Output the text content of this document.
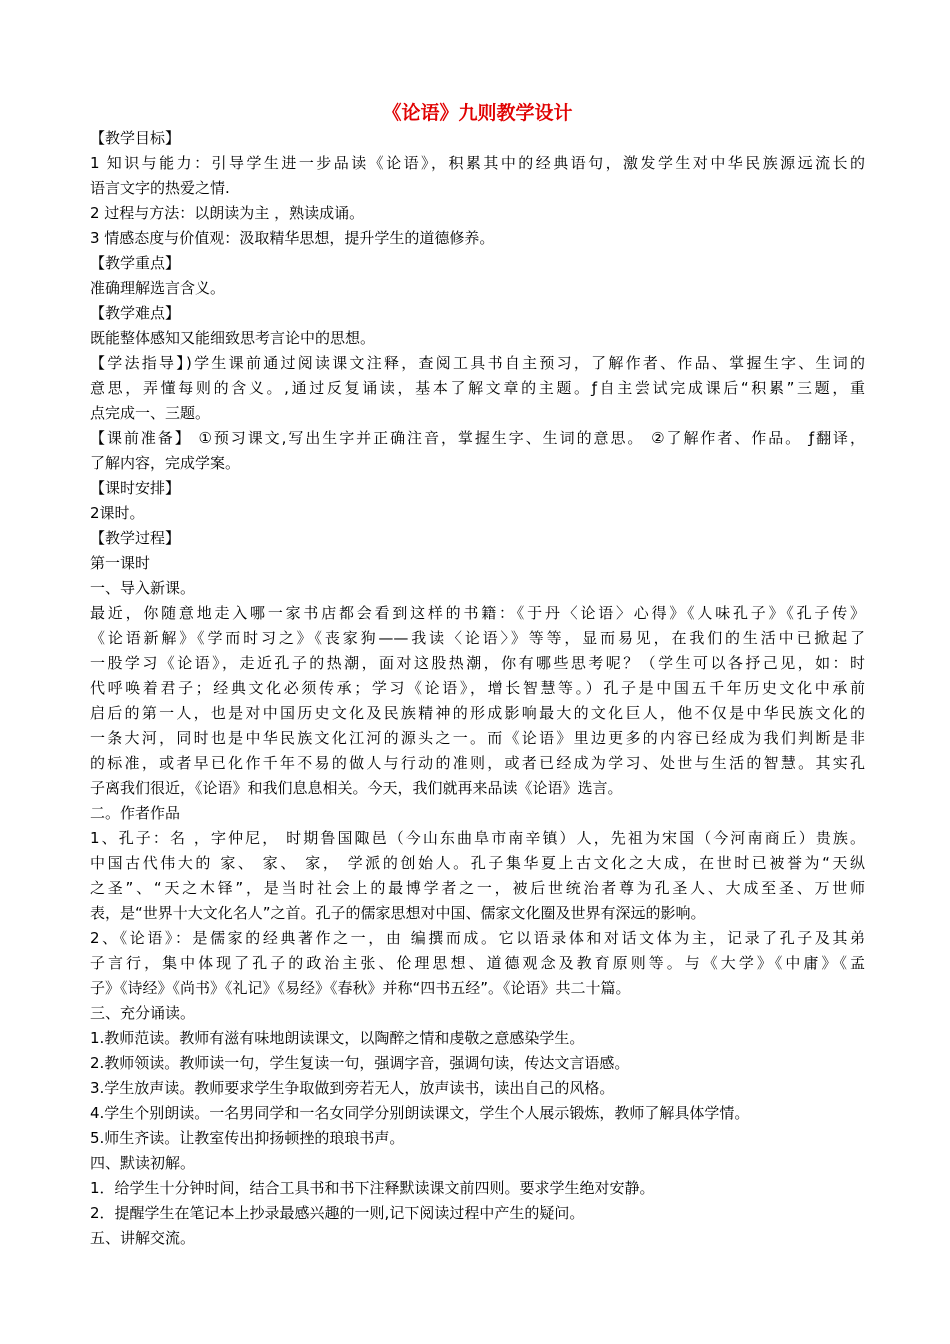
《论语》九则教学设计
【教学目标】
1 知识与能力：引导学生进一步品读《论语》，积累其中的经典语句，激发学生对中华民族源远流长的
语言文字的热爱之情.
2 过程与方法：以朗读为主 ，熟读成诵。
3 情感态度与价值观：汲取精华思想，提升学生的道德修养。
【教学重点】
准确理解选言含义。
【教学难点】
既能整体感知又能细致思考言论中的思想。
【学法指导】)学生课前通过阅读课文注释，查阅工具书自主预习，了解作者、作品、掌握生字、生词的
意思，弄懂每则的含义。,通过反复诵读，基本了解文章的主题。ƒ自主尝试完成课后“积累”三题，重
点完成一、三题。
【课前准备】 ①预习课文,写出生字并正确注音，掌握生字、生词的意思。 ②了解作者、作品。 ƒ翻译，
了解内容，完成学案。
【课时安排】
2课时。
【教学过程】
第一课时
一、导入新课。
最近，你随意地走入哪一家书店都会看到这样的书籍：《于丹〈论语〉心得》《人味孔子》《孔子传》
《论语新解》《学而时习之》《丧家狗——我读〈论语〉》等等，显而易见，在我们的生活中已掀起了
一股学习《论语》，走近孔子的热潮，面对这股热潮，你有哪些思考呢？（学生可以各抒己见，如：时
代呼唤着君子；经典文化必须传承；学习《论语》，增长智慧等。）孔子是中国五千年历史文化中承前
启后的第一人，也是对中国历史文化及民族精神的形成影响最大的文化巨人，他不仅是中华民族文化的
一条大河，同时也是中华民族文化江河的源头之一。而《论语》里边更多的内容已经成为我们判断是非
的标准，或者早已化作千年不易的做人与行动的准则，或者已经成为学习、处世与生活的智慧。其实孔
子离我们很近，《论语》和我们息息相关。今天，我们就再来品读《论语》选言。
二。作者作品
1、孔子：名 ，字仲尼， 时期鲁国陬邑（今山东曲阜市南辛镇）人，先祖为宋国（今河南商丘）贵族。
中国古代伟大的 家、 家、 家， 学派的创始人。孔子集华夏上古文化之大成，在世时已被誉为“天纵
之圣”、“天之木铎”，是当时社会上的最博学者之一，被后世统治者尊为孔圣人、大成至圣、万世师
表，是“世界十大文化名人”之首。孔子的儒家思想对中国、儒家文化圈及世界有深远的影响。
2、《论语》：是儒家的经典著作之一，由 编撰而成。它以语录体和对话文体为主，记录了孔子及其弟
子言行，集中体现了孔子的政治主张、伦理思想、道德观念及教育原则等。与《大学》《中庸》《孟
子》《诗经》《尚书》《礼记》《易经》《春秋》并称“四书五经”。《论语》共二十篇。
三、充分诵读。
1.教师范读。教师有滋有味地朗读课文，以陶醉之情和虔敬之意感染学生。
2.教师领读。教师读一句，学生复读一句，强调字音，强调句读，传达文言语感。
3.学生放声读。教师要求学生争取做到旁若无人，放声读书，读出自己的风格。
4.学生个别朗读。一名男同学和一名女同学分别朗读课文，学生个人展示锻炼，教师了解具体学情。
5.师生齐读。让教室传出抑扬顿挫的琅琅书声。
四、默读初解。
1．给学生十分钟时间，结合工具书和书下注释默读课文前四则。要求学生绝对安静。
2．提醒学生在笔记本上抄录最感兴趣的一则,记下阅读过程中产生的疑问。
五、讲解交流。
